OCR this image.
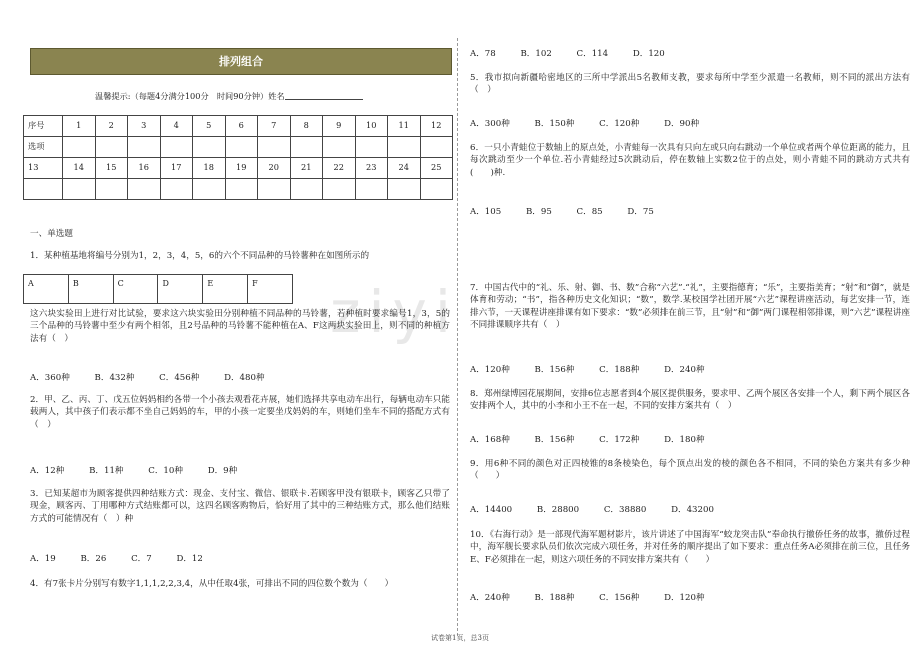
ziyi
排列组合
温馨提示:（每题4分满分100分　时间90分钟）姓名
序号	1	2	3	4	5	6	7	8	9	10	11	12
选项												
13	14	15	16	17	18	19	20	21	22	23	24	25

一、单选题
1．某种植基地将编号分别为1，2，3，4，5，6的六个不同品种的马铃薯种在如图所示的
A	B	C	D	E	F
这六块实验田上进行对比试验，要求这六块实验田分别种植不同品种的马铃薯，若种植时要求编号1，3，5的三个品种的马铃薯中至少有两个相邻，且2号品种的马铃薯不能种植在A、F这两块实验田上，则不同的种植方法有（　）
A．360种	B．432种	C．456种	D．480种
2．甲、乙、丙、丁、戊五位妈妈相约各带一个小孩去观看花卉展，她们选择共享电动车出行，每辆电动车只能载两人，其中孩子们表示都不坐自己妈妈的车，甲的小孩一定要坐戊妈妈的车，则她们坐车不同的搭配方式有（　）
A．12种	B．11种	C．10种	D．9种
3．已知某超市为顾客提供四种结账方式：现金、支付宝、微信、银联卡.若顾客甲没有银联卡，顾客乙只带了现金，顾客丙、丁用哪种方式结账都可以，这四名顾客购物后，恰好用了其中的三种结账方式，那么他们结账方式的可能情况有（　）种
A．19	B．26	C．7	D．12
4．有7张卡片分别写有数字1,1,1,2,2,3,4，从中任取4张，可排出不同的四位数个数为（　　）
A．78	B．102	C．114	D．120
5．我市拟向新疆哈密地区的三所中学派出5名教师支教，要求每所中学至少派遣一名教师，则不同的派出方法有（　）
A．300种	B．150种	C．120种	D．90种
6．一只小青蛙位于数轴上的原点处，小青蛙每一次具有只向左或只向右跳动一个单位或者两个单位距离的能力，且每次跳动至少一个单位.若小青蛙经过5次跳动后，停在数轴上实数2位于的点处，则小青蛙不同的跳动方式共有(　　)种.
A．105	B．95	C．85	D．75
7．中国古代中的“礼、乐、射、御、书、数”合称“六艺”.“礼”，主要指德育；“乐”，主要指美育；“射”和“御”，就是体育和劳动；“书”，指各种历史文化知识；“数”，数学.某校国学社团开展“六艺”课程讲座活动，每艺安排一节，连排六节，一天课程讲座排课有如下要求：“数”必须排在前三节，且“射”和“御”两门课程相邻排课，则“六艺”课程讲座不同排课顺序共有（　）
A．120种	B．156种	C．188种	D．240种
8．郑州绿博园花展期间，安排6位志愿者到4个展区提供服务，要求甲、乙两个展区各安排一个人，剩下两个展区各安排两个人，其中的小李和小王不在一起，不同的安排方案共有（　）
A．168种	B．156种	C．172种	D．180种
9．用6种不同的颜色对正四棱锥的8条棱染色，每个顶点出发的棱的颜色各不相同，不同的染色方案共有多少种（　　）
A．14400	B．28800	C．38880	D．43200
10．《右海行动》是一部现代海军题材影片，该片讲述了中国海军“蛟龙突击队”奉命执行撤侨任务的故事，撤侨过程中，海军舰长要求队员们依次完成六项任务，并对任务的顺序提出了如下要求：重点任务A必须排在前三位，且任务E、F必须排在一起，则这六项任务的不同安排方案共有（　　）
A．240种	B．188种	C．156种	D．120种
试卷第1页，总3页
